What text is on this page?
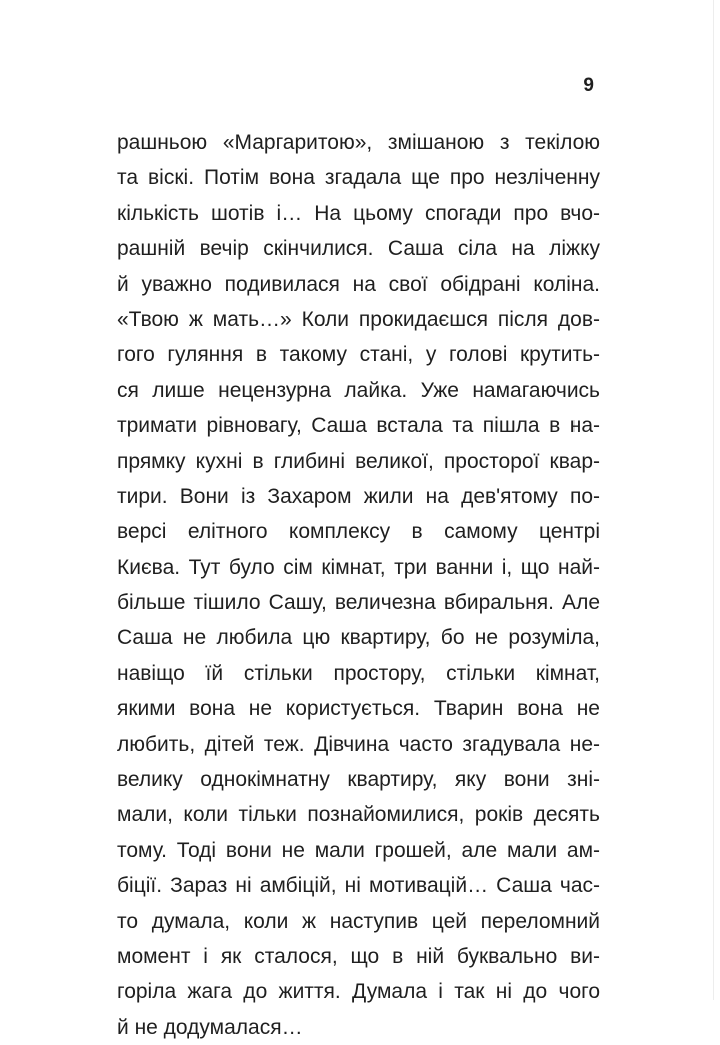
9
рашньою «Маргаритою», змішаною з текілою
та віскі. Потім вона згадала ще про незліченну
кількість шотів і… На цьому спогади про вчо-
рашній вечір скінчилися. Саша сіла на ліжку
й уважно подивилася на свої обідрані коліна.
«Твою ж мать…» Коли прокидаєшся після дов-
гого гуляння в такому стані, у голові крутить-
ся лише нецензурна лайка. Уже намагаючись
тримати рівновагу, Саша встала та пішла в на-
прямку кухні в глибині великої, просторої квар-
тири. Вони із Захаром жили на дев'ятому по-
версі елітного комплексу в самому центрі
Києва. Тут було сім кімнат, три ванни і, що най-
більше тішило Сашу, величезна вбиральня. Але
Саша не любила цю квартиру, бо не розуміла,
навіщо їй стільки простору, стільки кімнат,
якими вона не користується. Тварин вона не
любить, дітей теж. Дівчина часто згадувала не-
велику однокімнатну квартиру, яку вони зні-
мали, коли тільки познайомилися, років десять
тому. Тоді вони не мали грошей, але мали ам-
біції. Зараз ні амбіцій, ні мотивацій… Саша час-
то думала, коли ж наступив цей переломний
момент і як сталося, що в ній буквально ви-
горіла жага до життя. Думала і так ні до чого
й не додумалася…
